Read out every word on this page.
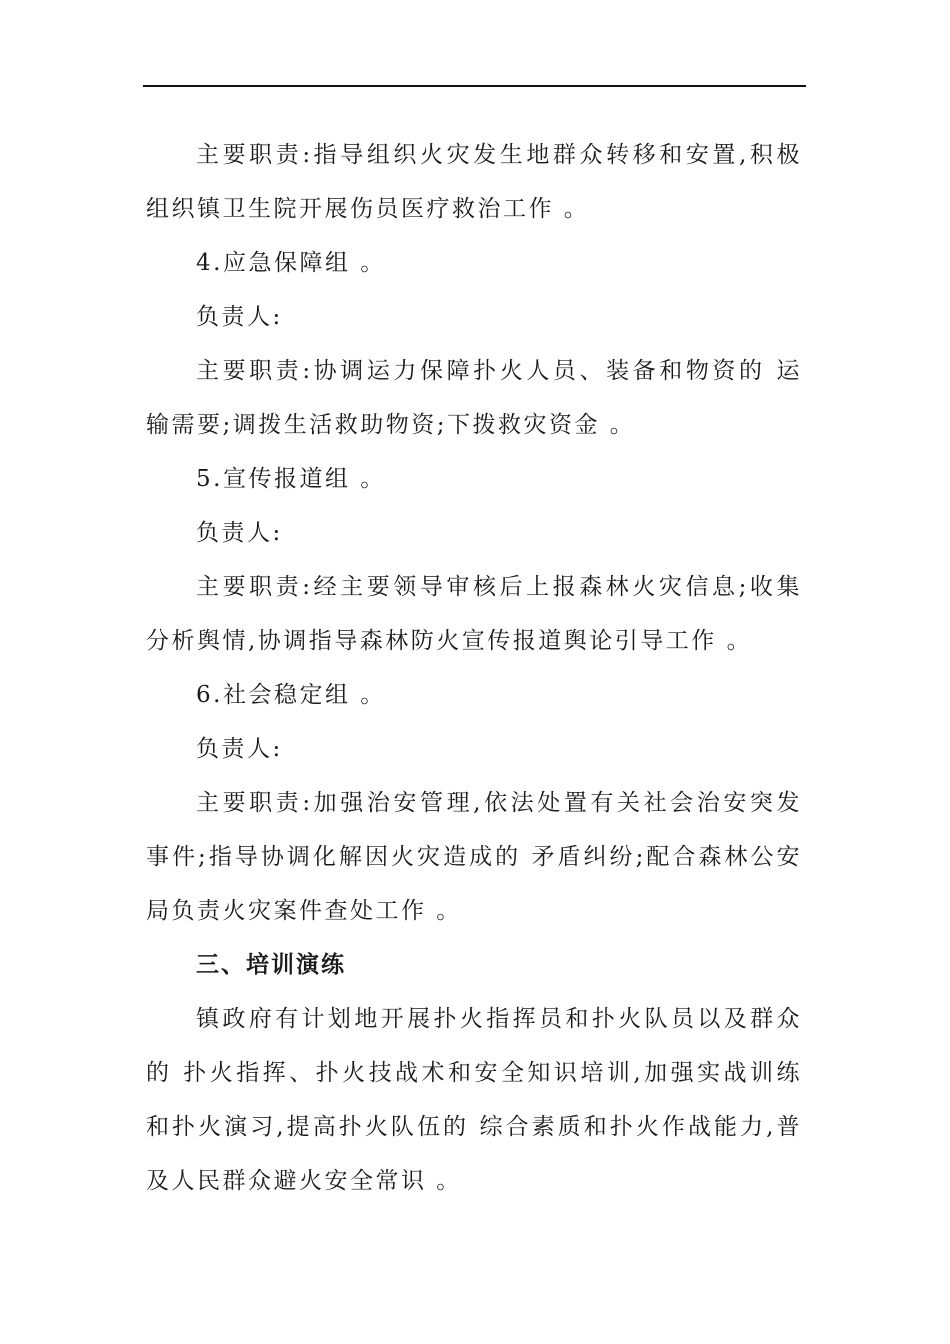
主要职责:指导组织火灾发生地群众转移和安置,积极组织镇卫生院开展伤员医疗救治工作 。

4.应急保障组 。

负责人:

主要职责:协调运力保障扑火人员、装备和物资的 运输需要;调拨生活救助物资;下拨救灾资金 。

5.宣传报道组 。

负责人:

主要职责:经主要领导审核后上报森林火灾信息;收集分析舆情,协调指导森林防火宣传报道舆论引导工作 。

6.社会稳定组 。

负责人:

主要职责:加强治安管理,依法处置有关社会治安突发事件;指导协调化解因火灾造成的 矛盾纠纷;配合森林公安局负责火灾案件查处工作 。

三、培训演练

镇政府有计划地开展扑火指挥员和扑火队员以及群众的 扑火指挥、扑火技战术和安全知识培训,加强实战训练和扑火演习,提高扑火队伍的 综合素质和扑火作战能力,普及人民群众避火安全常识 。
